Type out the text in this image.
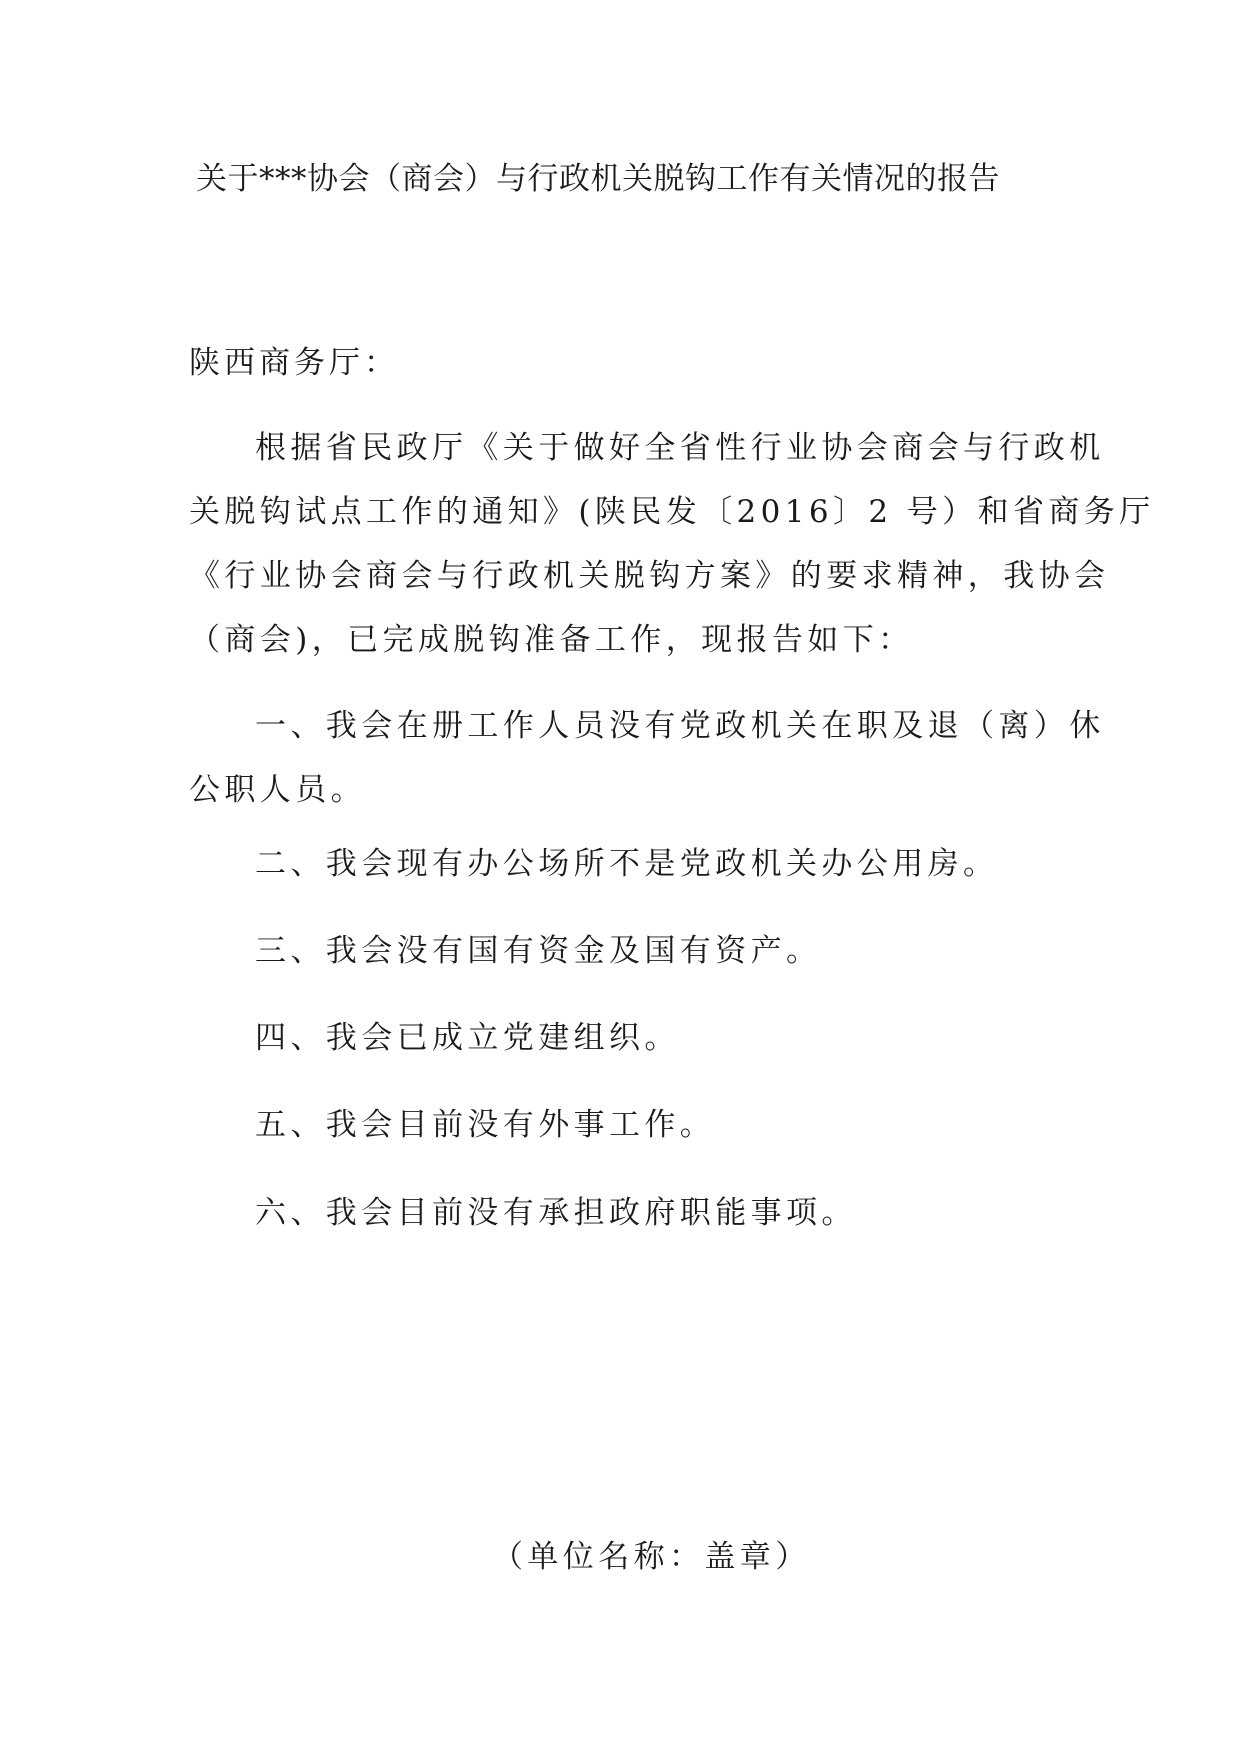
关于***协会（商会）与行政机关脱钩工作有关情况的报告

陕西商务厅：

根据省民政厅《关于做好全省性行业协会商会与行政机
关脱钩试点工作的通知》(陕民发〔2016〕2 号）和省商务厅
《行业协会商会与行政机关脱钩方案》的要求精神，我协会
（商会)，已完成脱钩准备工作，现报告如下：
一、我会在册工作人员没有党政机关在职及退（离）休
公职人员。

二、我会现有办公场所不是党政机关办公用房。

三、我会没有国有资金及国有资产。

四、我会已成立党建组织。

五、我会目前没有外事工作。

六、我会目前没有承担政府职能事项。

（单位名称：盖章）
